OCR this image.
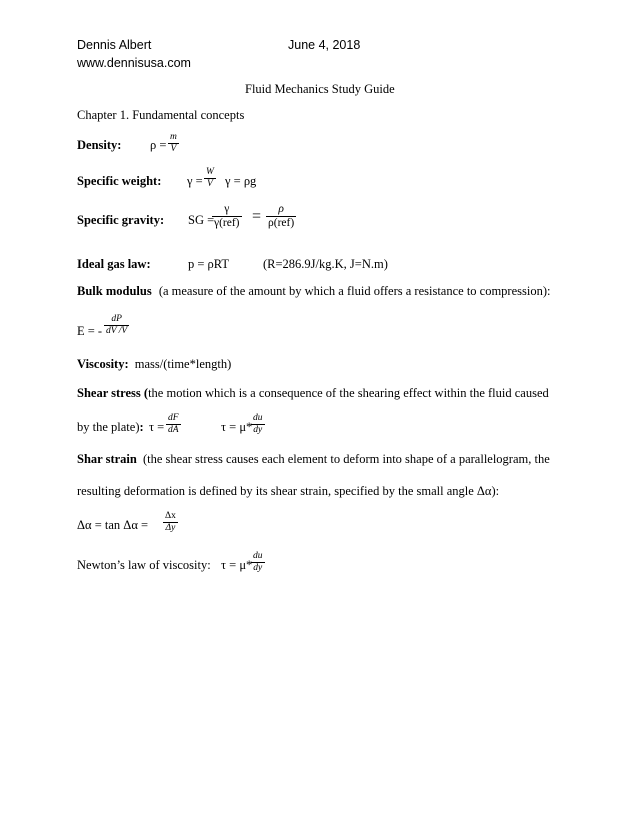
Dennis Albert
www.dennisusa.com
June 4, 2018
Fluid Mechanics Study Guide
Chapter 1. Fundamental concepts
Density: ρ =
m
V
Specific weight: γ =
W
V γ = ρg
Specific gravity: SG =
γ
γ(ref) = ρ
ρ(ref)
Ideal gas law:	p = ρRT	(R=286.9J/kg.K, J=N.m)
Bulk modulus (a measure of the amount by which a fluid offers a resistance to compression):
E = -
dP
dV /V
Viscosity: mass/(time*length)
Shear stress (the motion which is a consequence of the shearing effect within the fluid caused
by the plate): τ =
dF
dA	τ = μ*
du
dy
Shar strain (the shear stress causes each element to deform into shape of a parallelogram, the
resulting deformation is defined by its shear strain, specified by the small angle Δα):
Δα = tan Δα =
Δx
Δy
Newton’s law of viscosity: τ = μ*
du
dy
